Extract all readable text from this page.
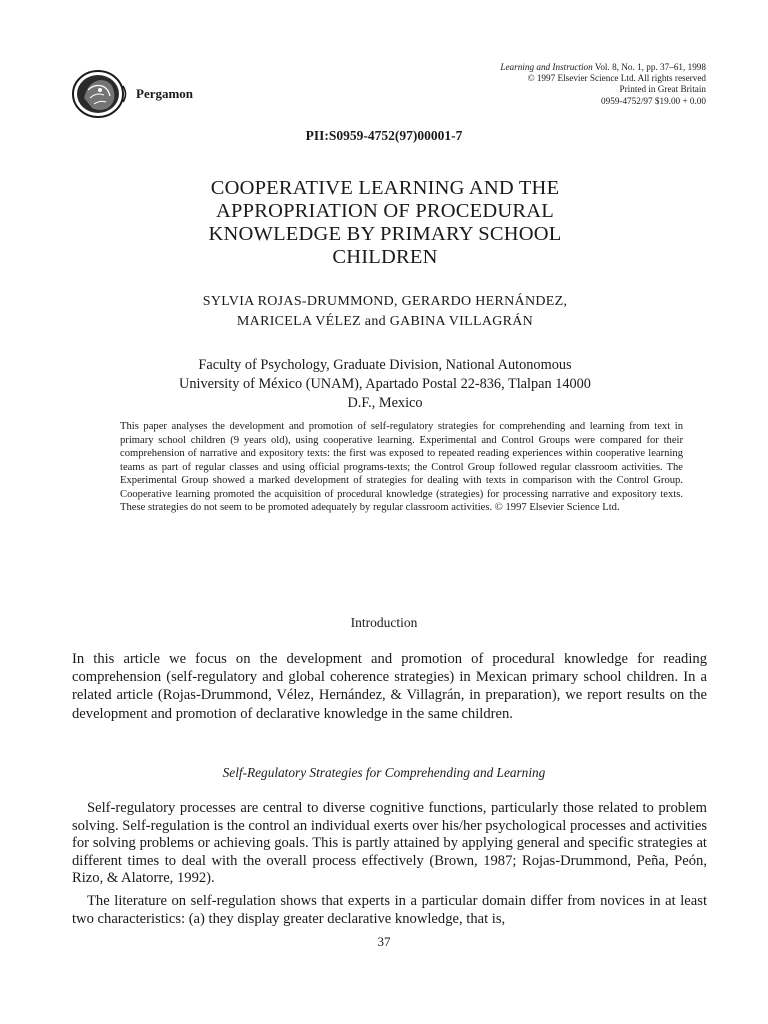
Pergamon
Learning and Instruction Vol. 8, No. 1, pp. 37–61, 1998
© 1997 Elsevier Science Ltd. All rights reserved
Printed in Great Britain
0959-4752/97 $19.00 + 0.00
PII:S0959-4752(97)00001-7
COOPERATIVE LEARNING AND THE
APPROPRIATION OF PROCEDURAL
KNOWLEDGE BY PRIMARY SCHOOL
CHILDREN
SYLVIA ROJAS-DRUMMOND, GERARDO HERNÁNDEZ,
MARICELA VÉLEZ and GABINA VILLAGRÁN
Faculty of Psychology, Graduate Division, National Autonomous
University of México (UNAM), Apartado Postal 22-836, Tlalpan 14000
D.F., Mexico

This paper analyses the development and promotion of self-regulatory strategies for comprehending and learning from text in primary school children (9 years old), using cooperative learning. Experimental and Control Groups were compared for their comprehension of narrative and expository texts: the first was exposed to repeated reading experiences within cooperative learning teams as part of regular classes and using official programs-texts; the Control Group followed regular classroom activities. The Experimental Group showed a marked development of strategies for dealing with texts in comparison with the Control Group. Cooperative learning promoted the acquisition of procedural knowledge (strategies) for processing narrative and expository texts. These strategies do not seem to be promoted adequately by regular classroom activities. © 1997 Elsevier Science Ltd.

Introduction

In this article we focus on the development and promotion of procedural knowledge for reading comprehension (self-regulatory and global coherence strategies) in Mexican primary school children. In a related article (Rojas-Drummond, Vélez, Hernández, & Villagrán, in preparation), we report results on the development and promotion of declarative knowledge in the same children.

Self-Regulatory Strategies for Comprehending and Learning

Self-regulatory processes are central to diverse cognitive functions, particularly those related to problem solving. Self-regulation is the control an individual exerts over his/her psychological processes and activities for solving problems or achieving goals. This is partly attained by applying general and specific strategies at different times to deal with the overall process effectively (Brown, 1987; Rojas-Drummond, Peña, Peón, Rizo, & Alatorre, 1992).

The literature on self-regulation shows that experts in a particular domain differ from novices in at least two characteristics: (a) they display greater declarative knowledge, that is,

37
